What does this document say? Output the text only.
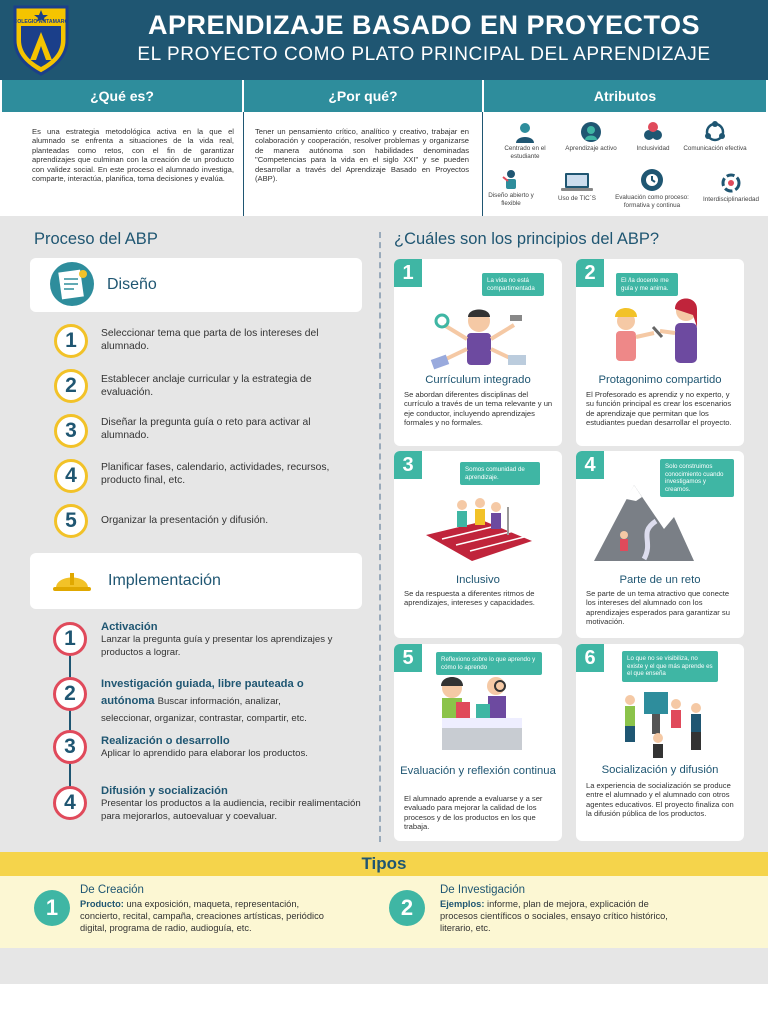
COLEGIO ANTAMARO	APRENDIZAJE BASADO EN PROYECTOS
EL PROYECTO COMO PLATO PRINCIPAL DEL APRENDIZAJE
¿Qué es?	¿Por qué?	Atributos
Es una estrategia metodológica activa en la que el alumnado se enfrenta a situaciones de la vida real, planteadas como retos, con el fin de garantizar aprendizajes que culminan con la creación de un producto con validez social. En este proceso el alumnado investiga, comparte, interactúa, planifica, toma decisiones y evalúa.
Tener un pensamiento crítico, analítico y creativo, trabajar en colaboración y cooperación, resolver problemas y organizarse de manera autónoma son habilidades denominadas "Competencias para la vida en el siglo XXI" y se pueden desarrollar a través del Aprendizaje Basado en Proyectos (ABP).
Centrado en el estudiante
Aprendizaje activo	Inclusividad	Comunicación efectiva
Diseño abierto y flexible
Uso de TIC´S	Evaluación como proceso: formativa y continua
Interdisciplinariedad
Proceso del ABP	¿Cuáles son los principios del ABP?
Diseño
1	Seleccionar tema que parta de los intereses del alumnado.
2	Establecer anclaje curricular y la estrategia de evaluación.
3	Diseñar la pregunta guía o reto para activar al alumnado.
4	Planificar fases, calendario, actividades, recursos, producto final, etc.
5	Organizar la presentación y difusión.
Implementación
1	Activación
Lanzar la pregunta guía y presentar los aprendizajes y productos a lograr.
2	Investigación guiada, libre pauteada o autónoma Buscar información, analizar, seleccionar, organizar, contrastar, compartir, etc.
3	Realización o desarrollo
Aplicar lo aprendido para elaborar los productos.
4	Difusión y socialización
Presentar los productos a la audiencia, recibir realimentación para mejorarlos, autoevaluar y coevaluar.
1	La vida no está compartimentada
Currículum integrado
Se abordan diferentes disciplinas del currículo a través de un tema relevante y un eje conductor, incluyendo aprendizajes formales y no formales.
2	El /la docente me guía y me anima.
Protagonimo compartido
El Profesorado es aprendiz y no experto, y su función principal es crear los escenarios de aprendizaje que permitan que los estudiantes puedan desarrollar el proyecto.
3	Somos comunidad de aprendizaje.
Inclusivo
Se da respuesta a diferentes ritmos de aprendizajes, intereses y capacidades.
4	Solo construimos conocimiento cuando investigamos y creamos.
Parte de un reto
Se parte de un tema atractivo que conecte los intereses del alumnado con los aprendizajes esperados para garantizar su motivación.
5	Reflexiono sobre lo que aprendo y cómo lo aprendo
Evaluación y reflexión continua
El alumnado aprende a evaluarse y a ser evaluado para mejorar la calidad de los procesos y de los productos en los que trabaja.
6	Lo que no se visibiliza, no existe y el que más aprende es el que enseña
Socialización y difusión
La experiencia de socialización se produce entre el alumnado y el alumnado con otros agentes educativos. El proyecto finaliza con la difusión pública de los productos.
Tipos
1
De Creación
Producto: una exposición, maqueta, representación, concierto, recital, campaña, creaciones artísticas, periódico digital, programa de radio, audioguía, etc.
2
De Investigación
Ejemplos: informe, plan de mejora, explicación de procesos científicos o sociales, ensayo crítico histórico, literario, etc.
